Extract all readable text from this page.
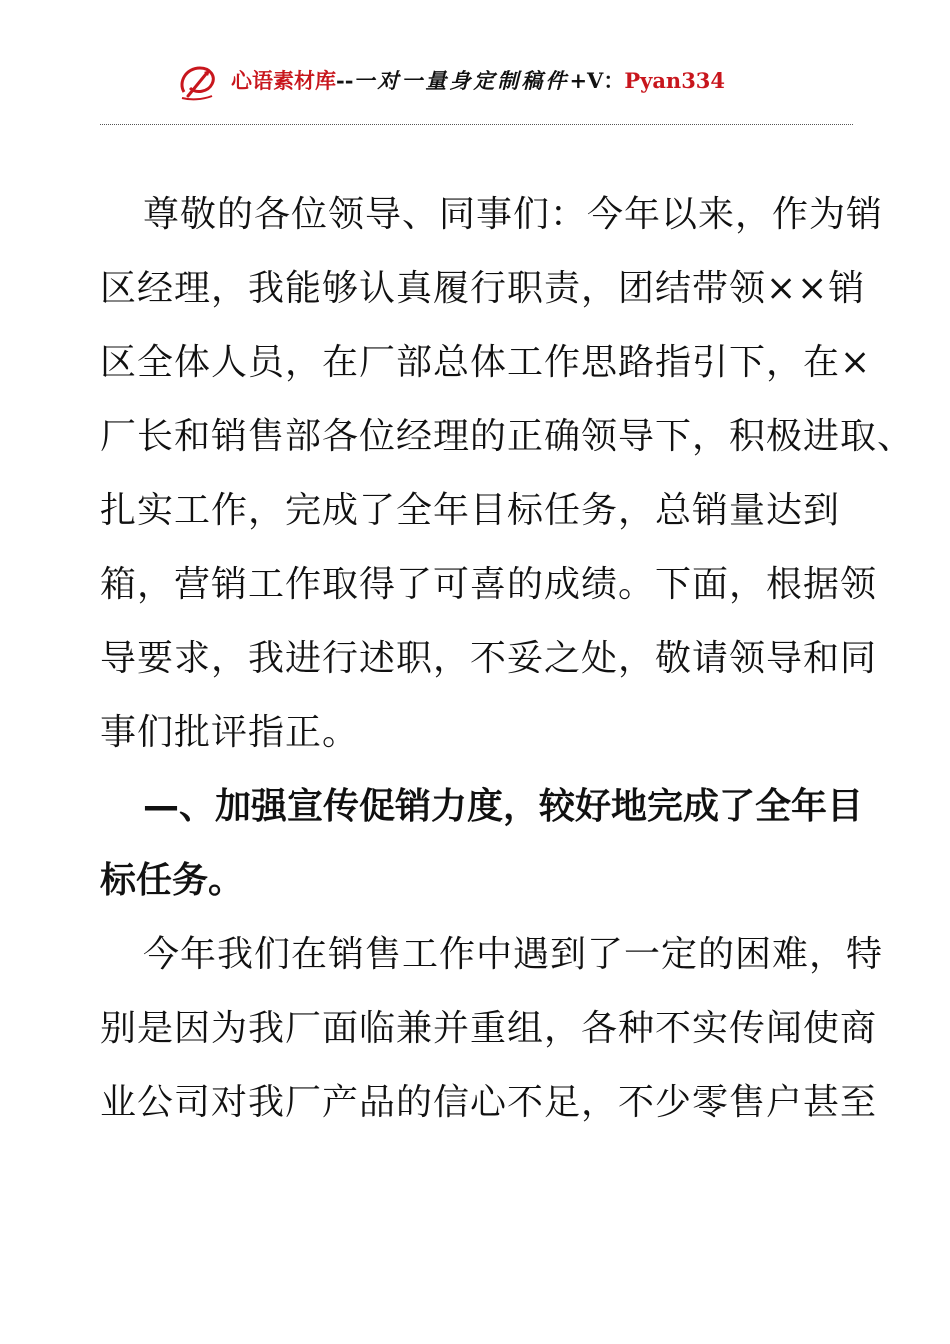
心语素材库--一对一量身定制稿件+V：Pyan334

尊敬的各位领导、同事们：今年以来，作为销
区经理，我能够认真履行职责，团结带领××销
区全体人员，在厂部总体工作思路指引下，在×
厂长和销售部各位经理的正确领导下，积极进取、
扎实工作，完成了全年目标任务，总销量达到
箱，营销工作取得了可喜的成绩。下面，根据领
导要求，我进行述职，不妥之处，敬请领导和同
事们批评指正。

—、加强宣传促销力度，较好地完成了全年目
标任务。

今年我们在销售工作中遇到了一定的困难，特
别是因为我厂面临兼并重组，各种不实传闻使商
业公司对我厂产品的信心不足，不少零售户甚至
